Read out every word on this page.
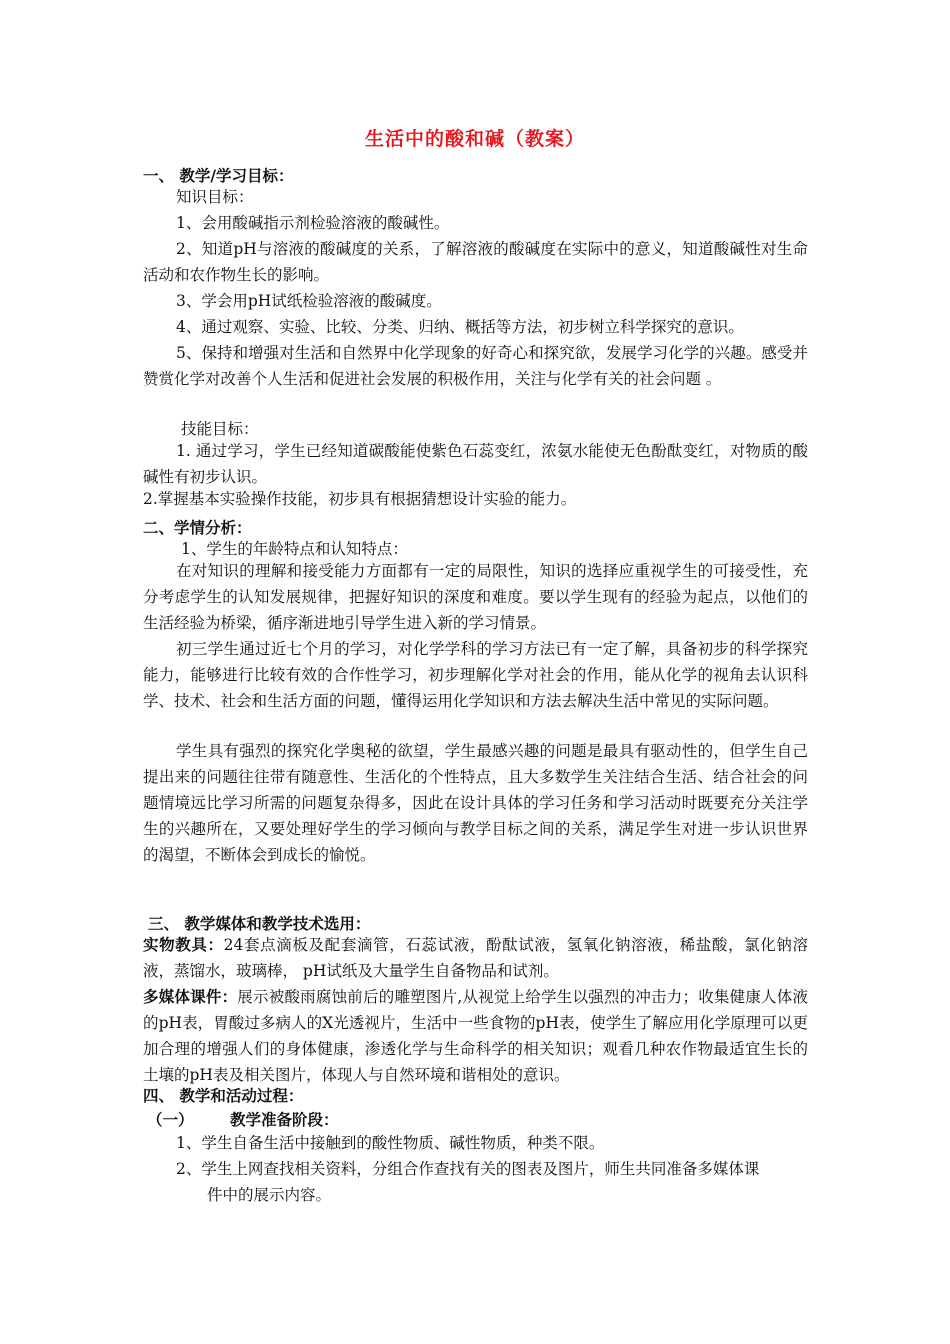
生活中的酸和碱（教案）
一、 教学/学习目标：
知识目标：
1、会用酸碱指示剂检验溶液的酸碱性。
2、知道pH与溶液的酸碱度的关系，了解溶液的酸碱度在实际中的意义，知道酸碱性对生命活动和农作物生长的影响。
3、学会用pH试纸检验溶液的酸碱度。
4、通过观察、实验、比较、分类、归纳、概括等方法，初步树立科学探究的意识。
5、保持和增强对生活和自然界中化学现象的好奇心和探究欲，发展学习化学的兴趣。感受并赞赏化学对改善个人生活和促进社会发展的积极作用，关注与化学有关的社会问题 。
技能目标：
1. 通过学习，学生已经知道碳酸能使紫色石蕊变红，浓氨水能使无色酚酞变红，对物质的酸碱性有初步认识。
2.掌握基本实验操作技能，初步具有根据猜想设计实验的能力。
二、学情分析：
1、学生的年龄特点和认知特点：
在对知识的理解和接受能力方面都有一定的局限性，知识的选择应重视学生的可接受性，充分考虑学生的认知发展规律，把握好知识的深度和难度。要以学生现有的经验为起点，以他们的生活经验为桥梁，循序渐进地引导学生进入新的学习情景。
初三学生通过近七个月的学习，对化学学科的学习方法已有一定了解，具备初步的科学探究能力，能够进行比较有效的合作性学习，初步理解化学对社会的作用，能从化学的视角去认识科学、技术、社会和生活方面的问题，懂得运用化学知识和方法去解决生活中常见的实际问题。
学生具有强烈的探究化学奥秘的欲望，学生最感兴趣的问题是最具有驱动性的，但学生自己提出来的问题往往带有随意性、生活化的个性特点，且大多数学生关注结合生活、结合社会的问题情境远比学习所需的问题复杂得多，因此在设计具体的学习任务和学习活动时既要充分关注学生的兴趣所在，又要处理好学生的学习倾向与教学目标之间的关系，满足学生对进一步认识世界的渴望，不断体会到成长的愉悦。
三、 教学媒体和教学技术选用：
实物教具：24套点滴板及配套滴管，石蕊试液，酚酞试液，氢氧化钠溶液，稀盐酸，氯化钠溶液，蒸馏水，玻璃棒， pH试纸及大量学生自备物品和试剂。
多媒体课件：展示被酸雨腐蚀前后的雕塑图片,从视觉上给学生以强烈的冲击力；收集健康人体液的pH表，胃酸过多病人的X光透视片，生活中一些食物的pH表，使学生了解应用化学原理可以更加合理的增强人们的身体健康，渗透化学与生命科学的相关知识；观看几种农作物最适宜生长的土壤的pH表及相关图片，体现人与自然环境和谐相处的意识。
四、 教学和活动过程：
（一） 教学准备阶段：
1、学生自备生活中接触到的酸性物质、碱性物质，种类不限。
2、学生上网查找相关资料，分组合作查找有关的图表及图片，师生共同准备多媒体课
件中的展示内容。
